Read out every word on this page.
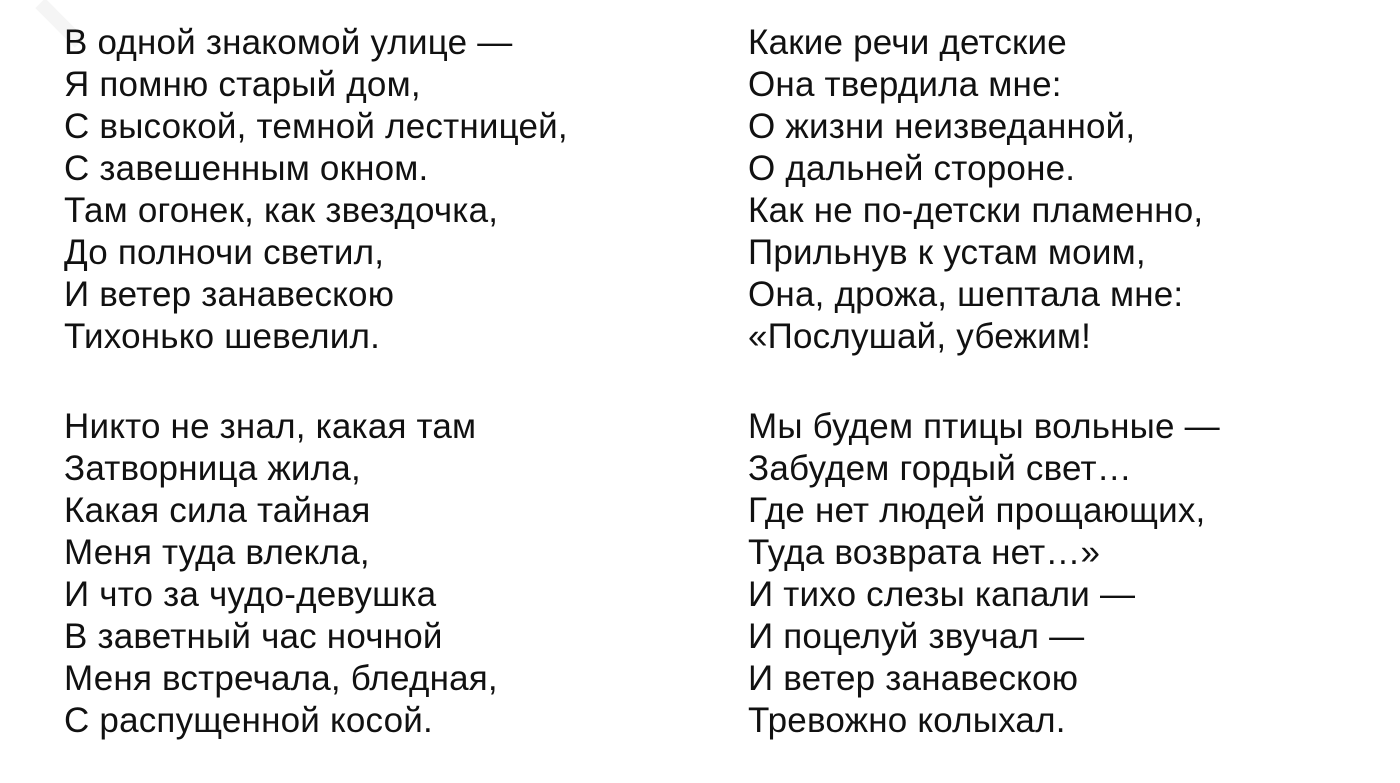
В одной знакомой улице —
Я помню старый дом,
С высокой, темной лестницей,
С завешенным окном.
Там огонек, как звездочка,
До полночи светил,
И ветер занавескою
Тихонько шевелил.
Никто не знал, какая там
Затворница жила,
Какая сила тайная
Меня туда влекла,
И что за чудо-девушка
В заветный час ночной
Меня встречала, бледная,
С распущенной косой.
Какие речи детские
Она твердила мне:
О жизни неизведанной,
О дальней стороне.
Как не по-детски пламенно,
Прильнув к устам моим,
Она, дрожа, шептала мне:
«Послушай, убежим!
Мы будем птицы вольные —
Забудем гордый свет…
Где нет людей прощающих,
Туда возврата нет…»
И тихо слезы капали —
И поцелуй звучал —
И ветер занавескою
Тревожно колыхал.
